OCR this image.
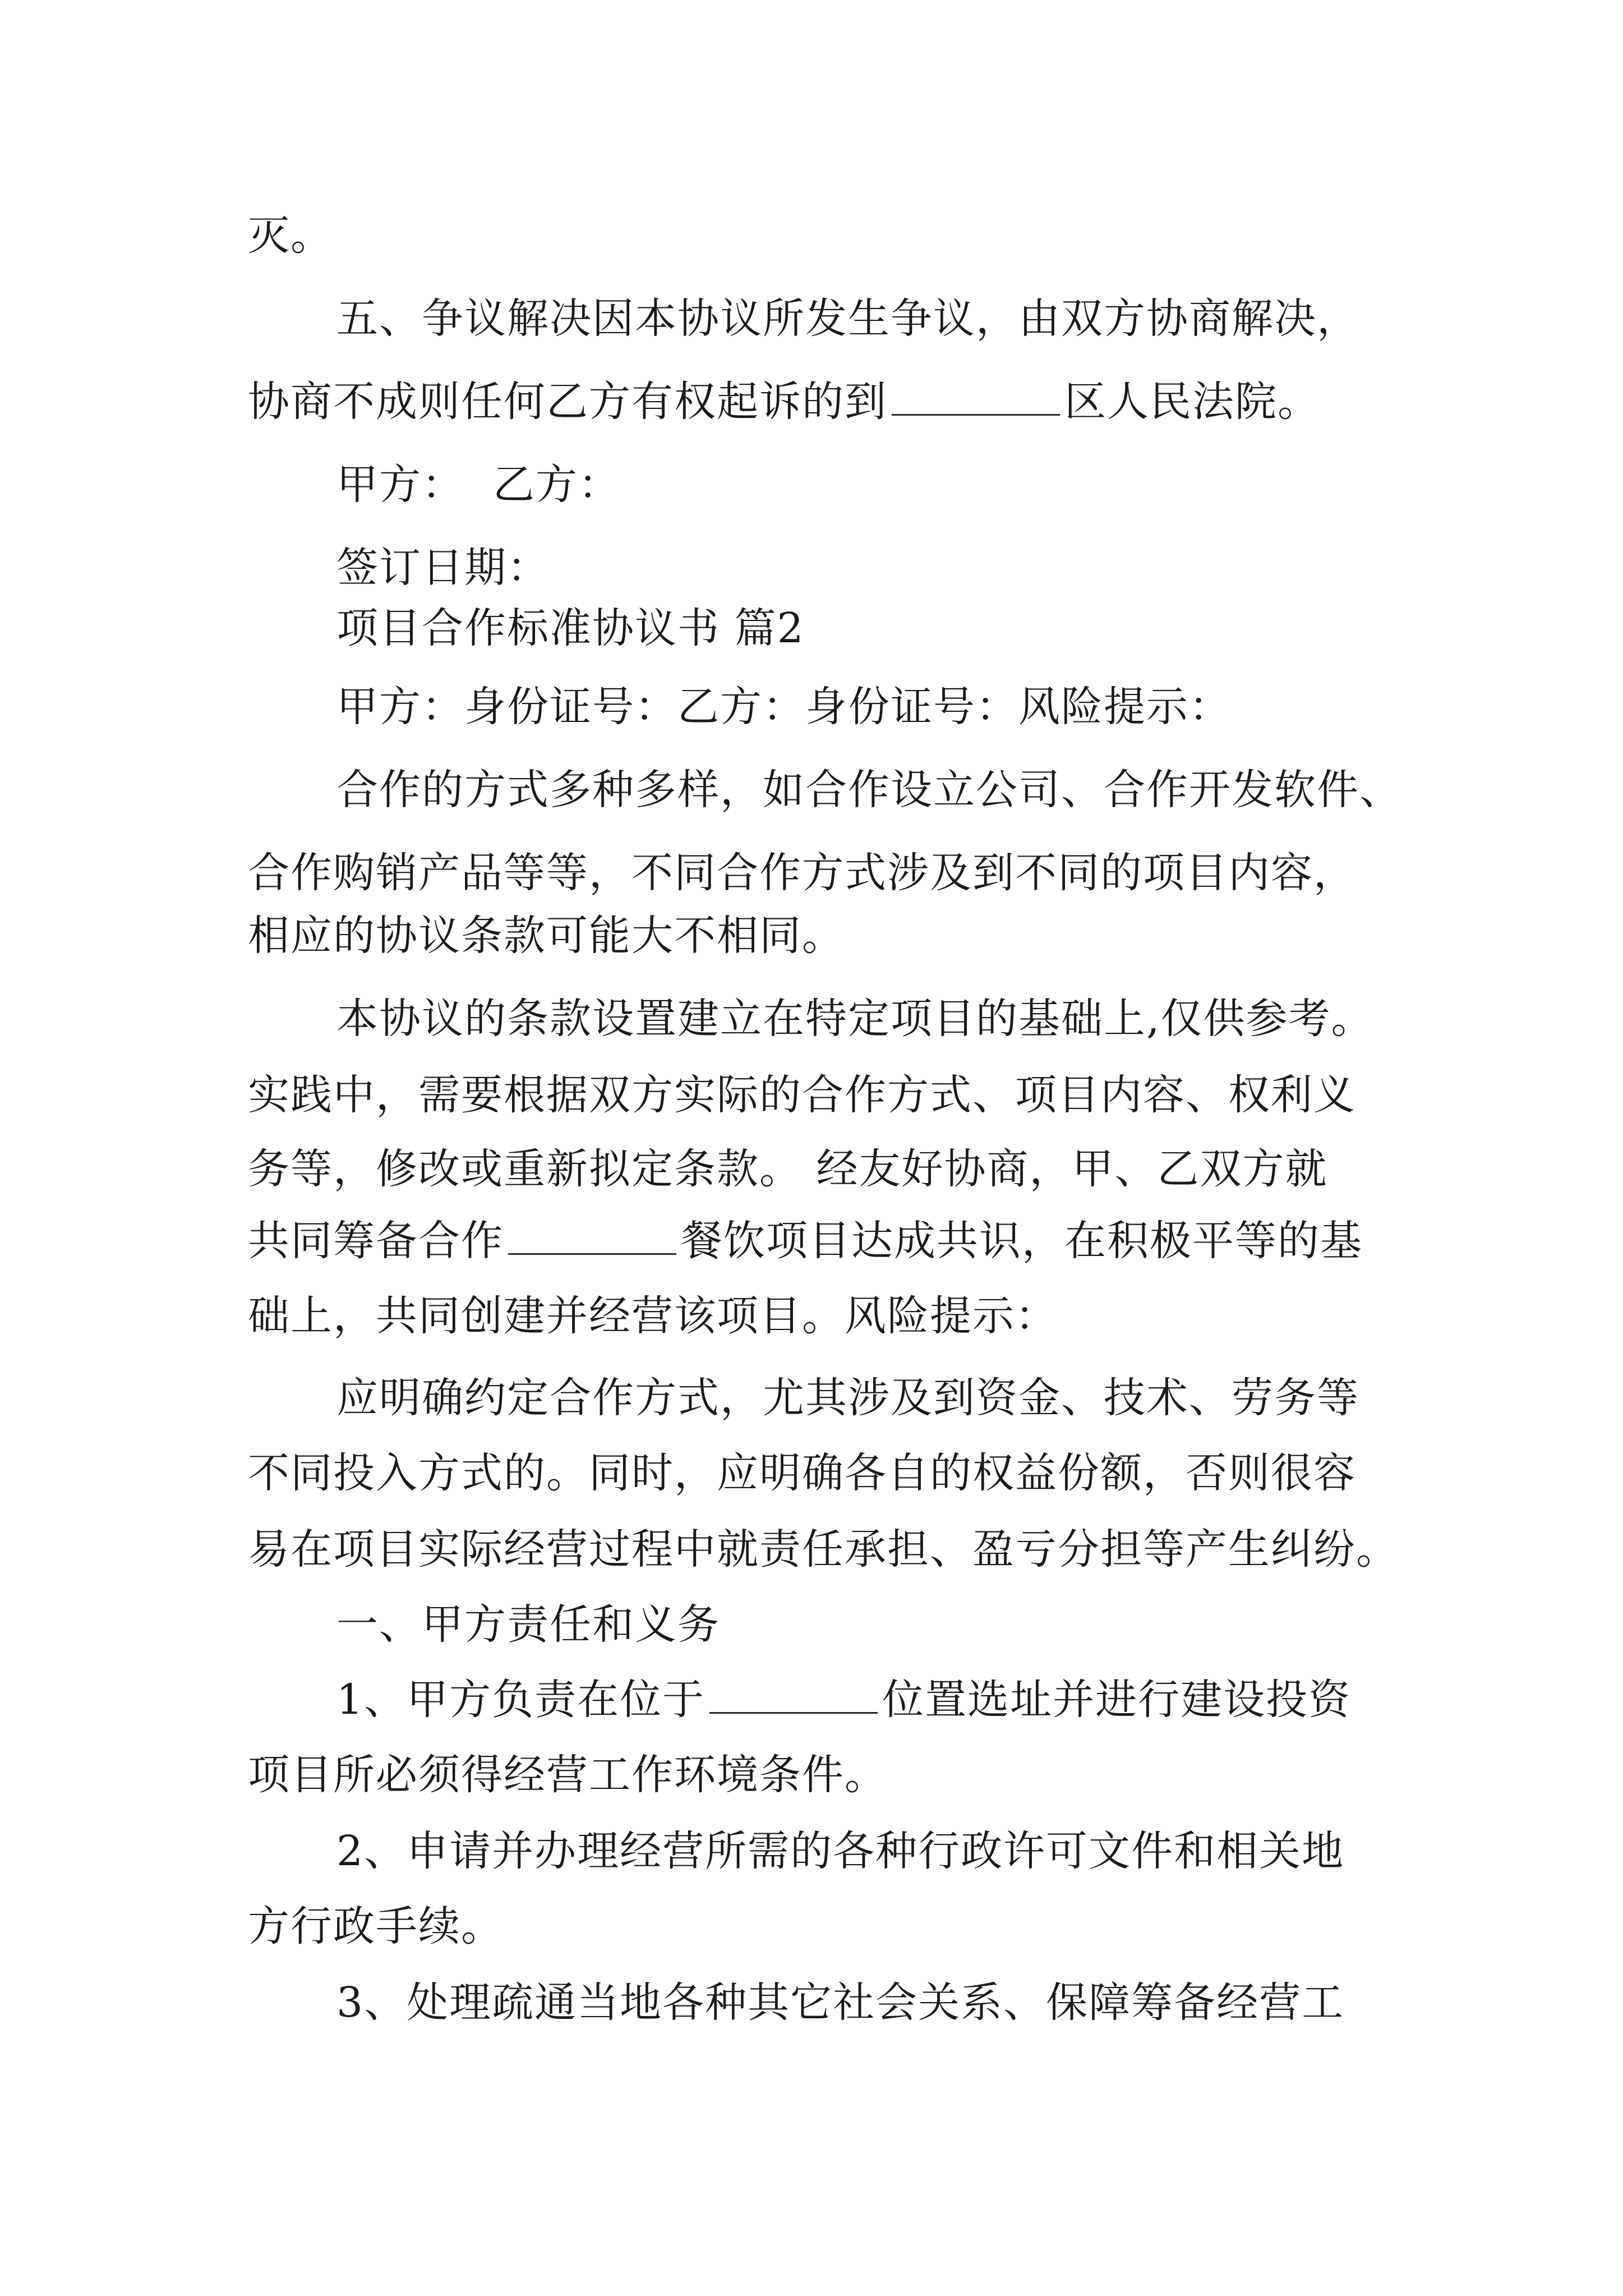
灭。
五、争议解决因本协议所发生争议，由双方协商解决，
协商不成则任何乙方有权起诉的到	区人民法院。
甲方：  乙方：
签订日期：
项目合作标准协议书 篇2
甲方：身份证号：乙方：身份证号：风险提示：
合作的方式多种多样，如合作设立公司、合作开发软件、
合作购销产品等等，不同合作方式涉及到不同的项目内容，
相应的协议条款可能大不相同。
本协议的条款设置建立在特定项目的基础上,仅供参考。
实践中，需要根据双方实际的合作方式、项目内容、权利义
务等，修改或重新拟定条款。 经友好协商，甲、乙双方就
共同筹备合作	餐饮项目达成共识，在积极平等的基
础上，共同创建并经营该项目。风险提示：
应明确约定合作方式，尤其涉及到资金、技术、劳务等
不同投入方式的。同时，应明确各自的权益份额，否则很容
易在项目实际经营过程中就责任承担、盈亏分担等产生纠纷。
一、甲方责任和义务
1、甲方负责在位于	位置选址并进行建设投资
项目所必须得经营工作环境条件。
2、申请并办理经营所需的各种行政许可文件和相关地
方行政手续。
3、处理疏通当地各种其它社会关系、保障筹备经营工
